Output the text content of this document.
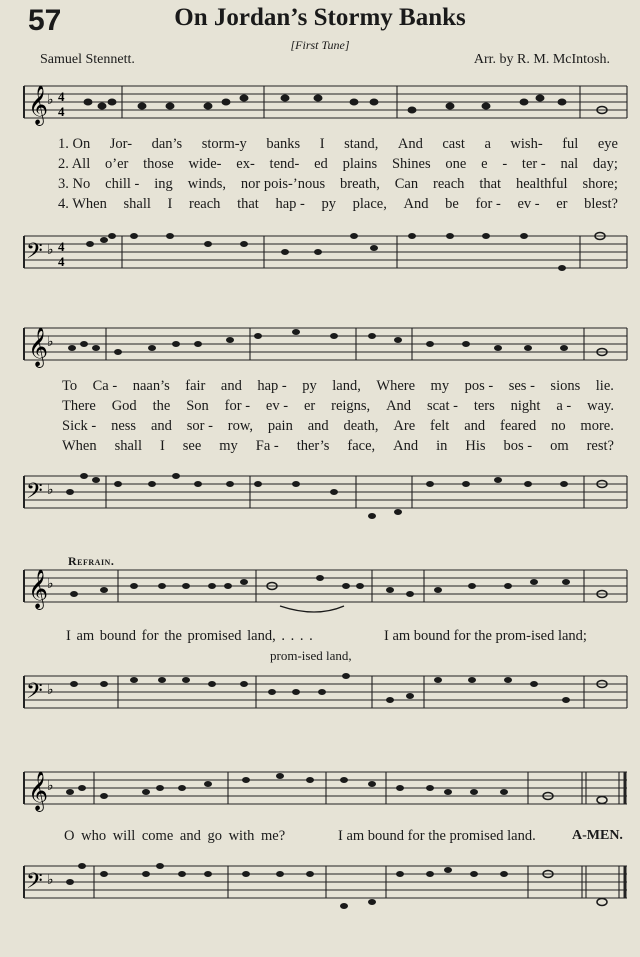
On Jordan’s Stormy Banks
57
[First Tune]
Samuel Stennett.	Arr. by R. M. McIntosh.
𝄞
♭ 4
4
1. On Jor- dan’s storm-y banks I stand, And cast a wish- ful eye
2. All o’er those wide- ex- tend- ed plains Shines one e - ter - nal day;
3. No chill - ing winds, nor pois-’nous breath, Can reach that healthful shore;
4. When shall I reach that hap - py place, And be for - ev - er blest?
𝄢 ♭ 4
4
𝄞
♭
To Ca - naan’s fair and hap - py land, Where my pos - ses - sions lie.
There God the Son for - ev - er reigns, And scat - ters night a - way.
Sick - ness and sor - row, pain and death, Are felt and feared no more.
When shall I see my Fa - ther’s face, And in His bos - om rest?
𝄢 ♭
Refrain.
𝄞
♭
I am bound for the promised land, . . . .	I am bound for the prom-ised land;
prom-ised land,
𝄢 ♭
𝄞
♭
O who will come and go with me?	I am bound for the promised land.	A-MEN.
𝄢 ♭
